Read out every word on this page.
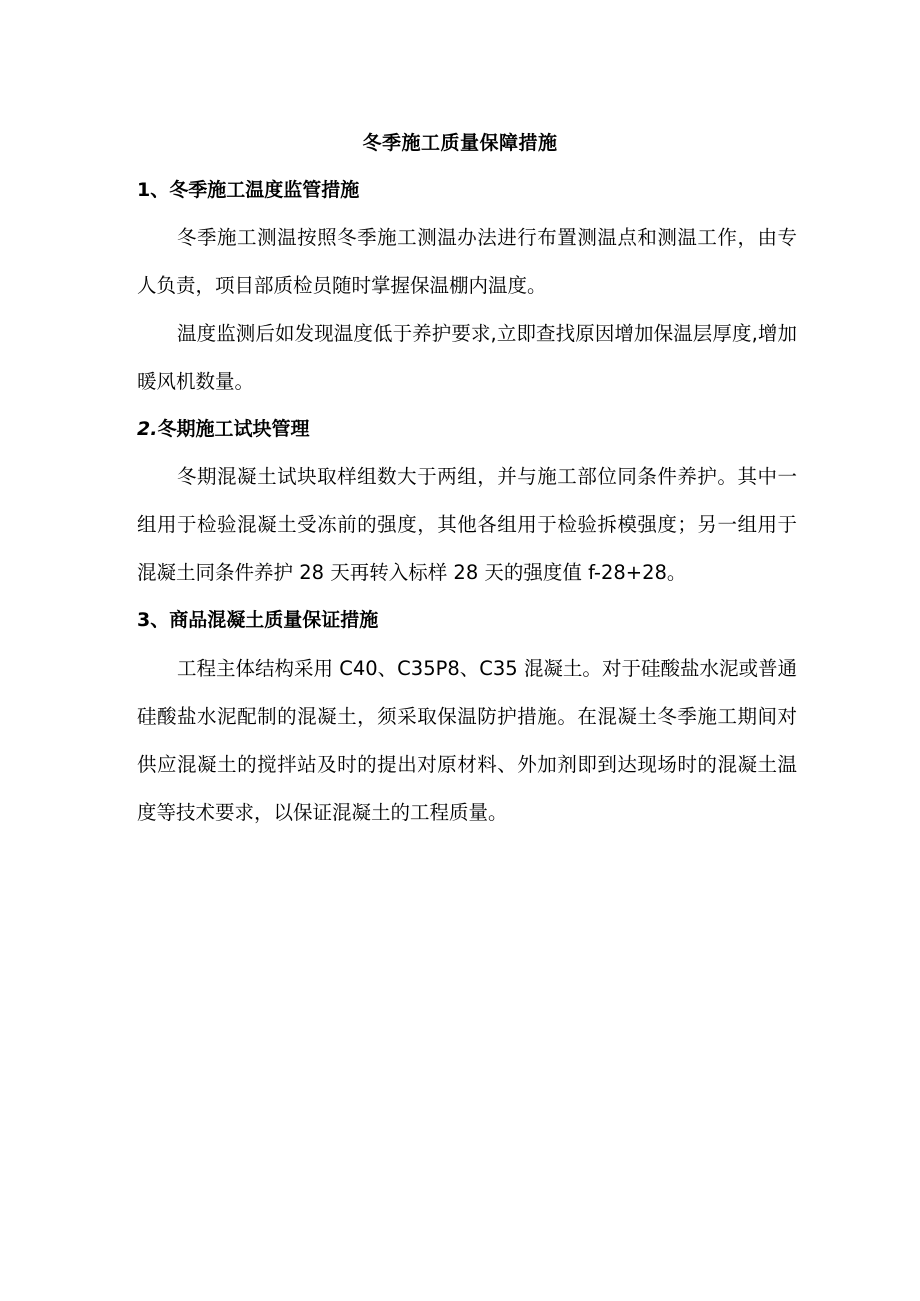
冬季施工质量保障措施
1、冬季施工温度监管措施

冬季施工测温按照冬季施工测温办法进行布置测温点和测温工作，由专人负责，项目部质检员随时掌握保温棚内温度。

温度监测后如发现温度低于养护要求,立即查找原因增加保温层厚度,增加暖风机数量。

2.冬期施工试块管理

冬期混凝土试块取样组数大于两组，并与施工部位同条件养护。其中一组用于检验混凝土受冻前的强度，其他各组用于检验拆模强度；另一组用于混凝土同条件养护 28 天再转入标样 28 天的强度值 f-28+28。

3、商品混凝土质量保证措施

工程主体结构采用 C40、C35P8、C35 混凝土。对于硅酸盐水泥或普通硅酸盐水泥配制的混凝土，须采取保温防护措施。在混凝土冬季施工期间对供应混凝土的搅拌站及时的提出对原材料、外加剂即到达现场时的混凝土温度等技术要求，以保证混凝土的工程质量。
